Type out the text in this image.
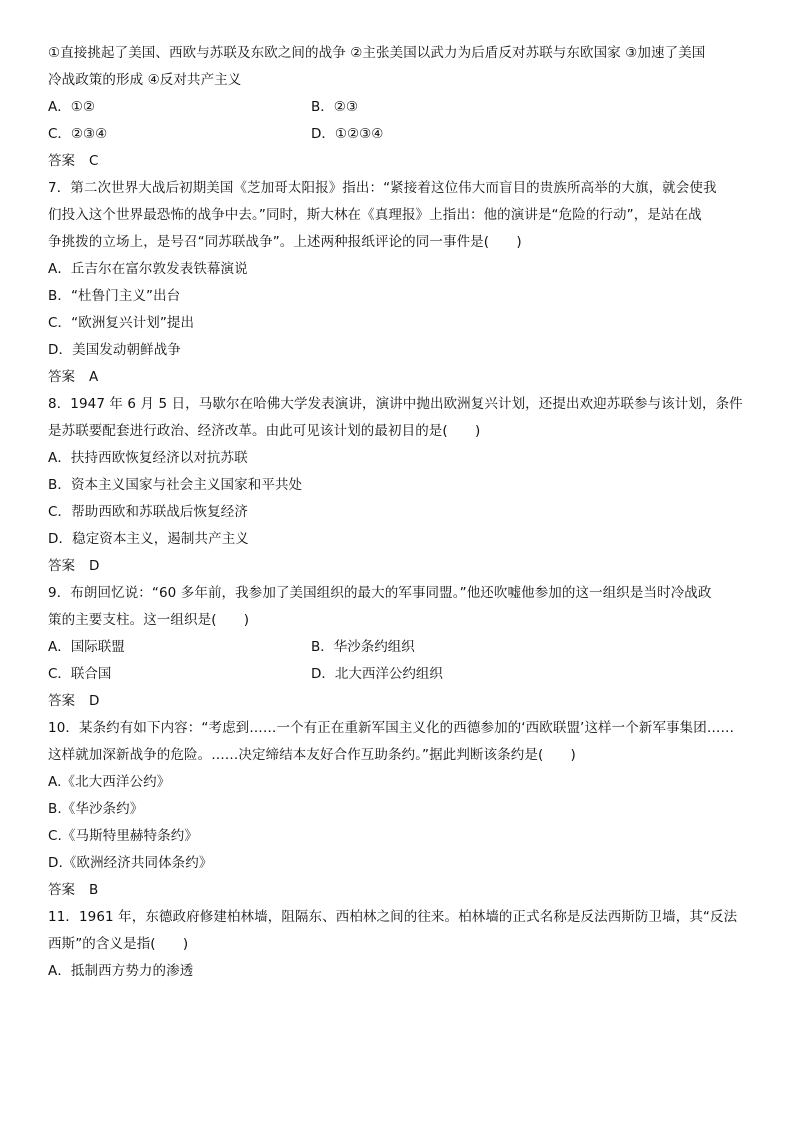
①直接挑起了美国、西欧与苏联及东欧之间的战争 ②主张美国以武力为后盾反对苏联与东欧国家 ③加速了美国
冷战政策的形成 ④反对共产主义
A．①②	B．②③
C．②③④	D．①②③④
答案 C
7．第二次世界大战后初期美国《芝加哥太阳报》指出：“紧接着这位伟大而盲目的贵族所高举的大旗，就会使我
们投入这个世界最恐怖的战争中去。”同时，斯大林在《真理报》上指出：他的演讲是“危险的行动”，是站在战
争挑拨的立场上，是号召“同苏联战争”。上述两种报纸评论的同一事件是(　　)
A．丘吉尔在富尔敦发表铁幕演说
B．“杜鲁门主义”出台
C．“欧洲复兴计划”提出
D．美国发动朝鲜战争
答案 A
8．1947 年 6 月 5 日，马歇尔在哈佛大学发表演讲，演讲中抛出欧洲复兴计划，还提出欢迎苏联参与该计划，条件
是苏联要配套进行政治、经济改革。由此可见该计划的最初目的是(　　)
A．扶持西欧恢复经济以对抗苏联
B．资本主义国家与社会主义国家和平共处
C．帮助西欧和苏联战后恢复经济
D．稳定资本主义，遏制共产主义
答案 D
9．布朗回忆说：“60 多年前，我参加了美国组织的最大的军事同盟。”他还吹嘘他参加的这一组织是当时冷战政
策的主要支柱。这一组织是(　　)
A．国际联盟	B．华沙条约组织
C．联合国	D．北大西洋公约组织
答案 D
10．某条约有如下内容：“考虑到……一个有正在重新军国主义化的西德参加的‘西欧联盟’这样一个新军事集团……
这样就加深新战争的危险。……决定缔结本友好合作互助条约。”据此判断该条约是(　　)
A.《北大西洋公约》
B.《华沙条约》
C.《马斯特里赫特条约》
D.《欧洲经济共同体条约》
答案 B
11．1961 年，东德政府修建柏林墙，阻隔东、西柏林之间的往来。柏林墙的正式名称是反法西斯防卫墙，其“反法
西斯”的含义是指(　　)
A．抵制西方势力的渗透
